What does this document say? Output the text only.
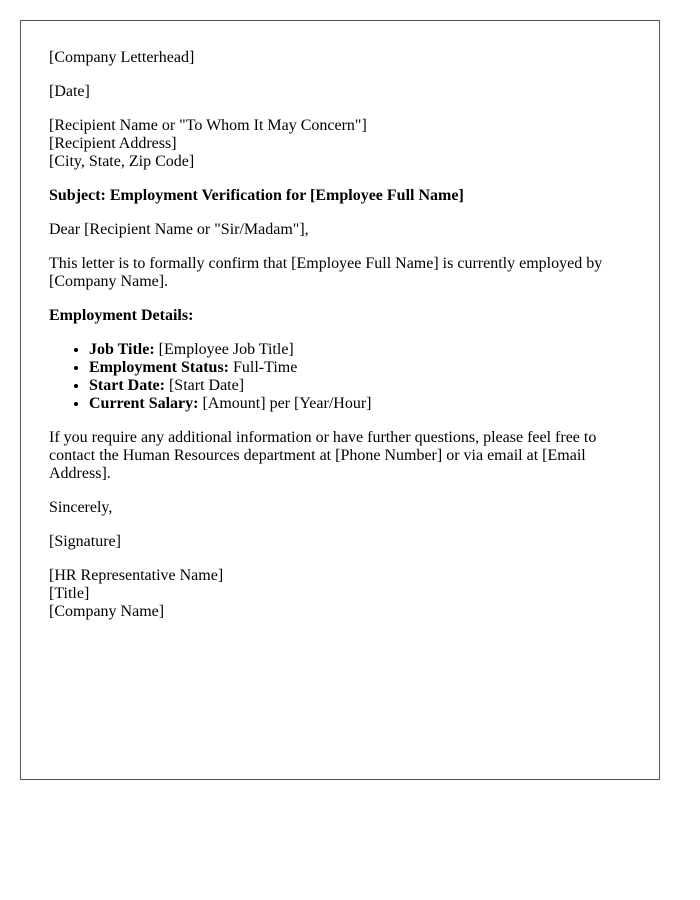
[Company Letterhead]

[Date]

[Recipient Name or "To Whom It May Concern"]
[Recipient Address]
[City, State, Zip Code]

Subject: Employment Verification for [Employee Full Name]

Dear [Recipient Name or "Sir/Madam"],

This letter is to formally confirm that [Employee Full Name] is currently employed by [Company Name].

Employment Details:

• Job Title: [Employee Job Title]
• Employment Status: Full-Time
• Start Date: [Start Date]
• Current Salary: [Amount] per [Year/Hour]

If you require any additional information or have further questions, please feel free to contact the Human Resources department at [Phone Number] or via email at [Email Address].

Sincerely,

[Signature]

[HR Representative Name]
[Title]
[Company Name]
